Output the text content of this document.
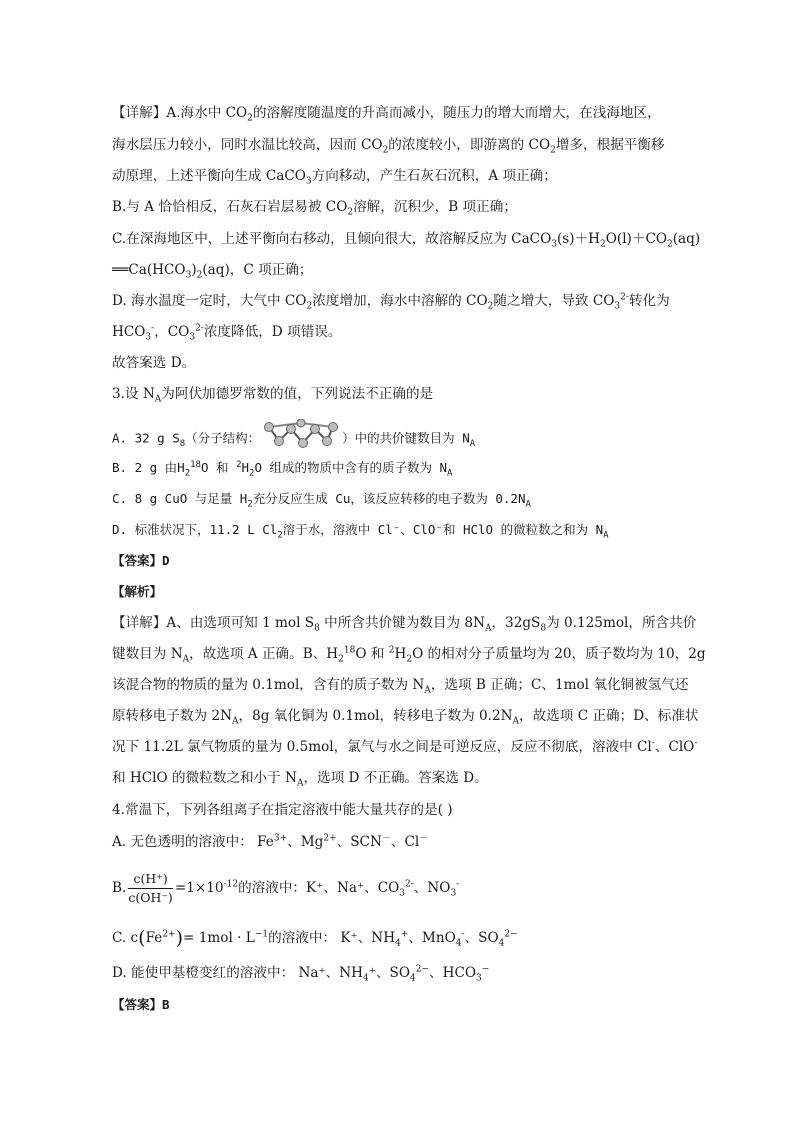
【详解】A.海水中 $CO_2$的溶解度随温度的升高而减小，随压力的增大而增大，在浅海地区，
海水层压力较小，同时水温比较高，因而 $CO_2$的浓度较小，即游离的 $CO_2$增多，根据平衡移
动原理，上述平衡向生成 CaCO$_3$方向移动，产生石灰石沉积，A 项正确；
B.与 A 恰恰相反，石灰石岩层易被 $CO_2$溶解，沉积少，B 项正确；
C.在深海地区中，上述平衡向右移动，且倾向很大，故溶解反应为 $CaCO_3(s)+H_2O(l)+CO_2(aq)$
$══Ca(HCO_3)_2(aq)$，C 项正确；
D. 海水温度一定时，大气中 $CO_2$浓度增加，海水中溶解的 $CO_2$随之增大，导致 $CO_3^{2-}$转化为
$HCO_3^-$，$CO_3^{2-}$浓度降低，D 项错误。
故答案选 D。
3.设 $N_A$为阿伏加德罗常数的值，下列说法不正确的是
A. 32 g $S_8$（分子结构：	）中的共价键数目为 $N_A$
B. 2 g 由$H_2^{18}O$ 和 $^2H_2O$ 组成的物质中含有的质子数为 $N_A$
C. 8 g CuO 与足量 $H_2$充分反应生成 Cu，该反应转移的电子数为 $0.2N_A$
D. 标准状况下，11.2 L $Cl_2$溶于水，溶液中 Cl⁻、ClO⁻和 HClO 的微粒数之和为 $N_A$
【答案】D
【解析】
【详解】A、由选项可知 1 mol $S_8$ 中所含共价键为数目为 $8N_A$，$32gS_8$为 0.125mol，所含共价
键数目为 $N_A$，故选项 A 正确。B、$H_2^{18}O$ 和 $^2H_2O$ 的相对分子质量均为 20，质子数均为 10，2g
该混合物的物质的量为 0.1mol，含有的质子数为 $N_A$，选项 B 正确；C、1mol 氧化铜被氢气还
原转移电子数为 $2N_A$，8g 氧化铜为 0.1mol，转移电子数为 $0.2N_A$，故选项 C 正确；D、标准状
况下 11.2L 氯气物质的量为 0.5mol，氯气与水之间是可逆反应，反应不彻底，溶液中 Cl-、ClO-
和 HClO 的微粒数之和小于 $N_A$，选项 D 不正确。答案选 D。
4.常温下，下列各组离子在指定溶液中能大量共存的是( )
A. 无色透明的溶液中： $Fe^{3+}$、$Mg^{2+}$、SCN－、Cl－
B. $\frac{c(H^+)}{c(OH^-)} =1\times 10^{-12}$的溶液中：K⁺、Na⁺、$CO_3^{2-}$、$NO_3^-$
C. $c(Fe^{2+})= 1mol \cdot L^{-1}$的溶液中： K⁺、$NH_4^+$、MnO$_4$-、$SO_4^{2-}$
D. 能使甲基橙变红的溶液中： Na⁺、$NH_4^+$、$SO_4^{2-}$、$HCO_3^-$
【答案】B
